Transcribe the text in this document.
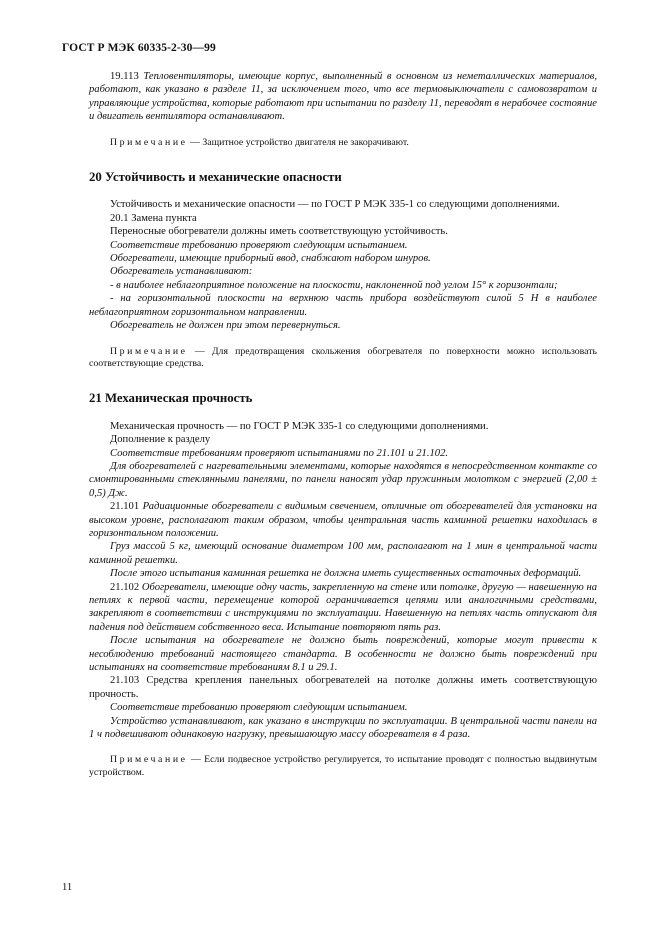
ГОСТ Р МЭК 60335-2-30—99

19.113 Тепловентиляторы, имеющие корпус, выполненный в основном из неметаллических материалов, работают, как указано в разделе 11, за исключением того, что все термовыключатели с самовозвратом и управляющие устройства, которые работают при испытании по разделу 11, переводят в нерабочее состояние и двигатель вентилятора останавливают.

Примечание — Защитное устройство двигателя не закорачивают.

20 Устойчивость и механические опасности

Устойчивость и механические опасности — по ГОСТ Р МЭК 335-1 со следующими дополнениями.

20.1 Замена пункта

Переносные обогреватели должны иметь соответствующую устойчивость.

Соответствие требованию проверяют следующим испытанием.

Обогреватели, имеющие приборный ввод, снабжают набором шнуров.

Обогреватель устанавливают:

- в наиболее неблагоприятное положение на плоскости, наклоненной под углом 15° к горизонтали;

- на горизонтальной плоскости на верхнюю часть прибора воздействуют силой 5 Н в наиболее неблагоприятном горизонтальном направлении.

Обогреватель не должен при этом перевернуться.

Примечание — Для предотвращения скольжения обогревателя по поверхности можно использовать соответствующие средства.

21 Механическая прочность

Механическая прочность — по ГОСТ Р МЭК 335-1 со следующими дополнениями.

Дополнение к разделу

Соответствие требованиям проверяют испытаниями по 21.101 и 21.102.

Для обогревателей с нагревательными элементами, которые находятся в непосредственном контакте со смонтированными стеклянными панелями, по панели наносят удар пружинным молотком с энергией (2,00 ± 0,5) Дж.

21.101 Радиационные обогреватели с видимым свечением, отличные от обогревателей для установки на высоком уровне, располагают таким образом, чтобы центральная часть каминной решетки находилась в горизонтальном положении.

Груз массой 5 кг, имеющий основание диаметром 100 мм, располагают на 1 мин в центральной части каминной решетки.

После этого испытания каминная решетка не должна иметь существенных остаточных деформаций.

21.102 Обогреватели, имеющие одну часть, закрепленную на стене или потолке, другую — навешенную на петлях к первой части, перемещение которой ограничивается цепями или аналогичными средствами, закрепляют в соответствии с инструкциями по эксплуатации. Навешенную на петлях часть отпускают для падения под действием собственного веса. Испытание повторяют пять раз.

После испытания на обогревателе не должно быть повреждений, которые могут привести к несоблюдению требований настоящего стандарта. В особенности не должно быть повреждений при испытаниях на соответствие требованиям 8.1 и 29.1.

21.103 Средства крепления панельных обогревателей на потолке должны иметь соответствующую прочность.

Соответствие требованию проверяют следующим испытанием.

Устройство устанавливают, как указано в инструкции по эксплуатации. В центральной части панели на 1 ч подвешивают одинаковую нагрузку, превышающую массу обогревателя в 4 раза.

Примечание — Если подвесное устройство регулируется, то испытание проводят с полностью выдвинутым устройством.

11
